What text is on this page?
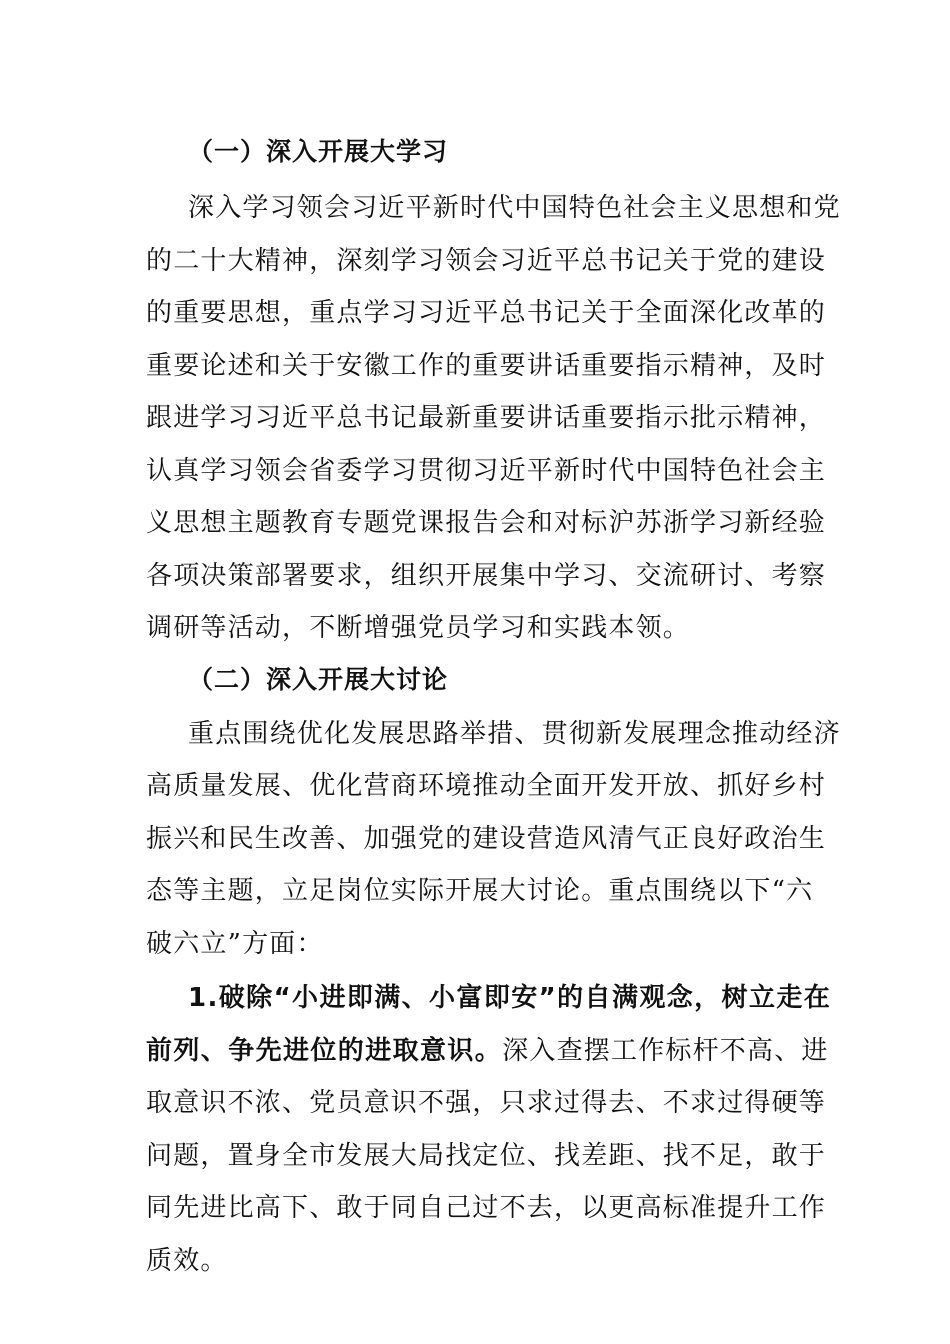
（一）深入开展大学习
深入学习领会习近平新时代中国特色社会主义思想和党
的二十大精神，深刻学习领会习近平总书记关于党的建设
的重要思想，重点学习习近平总书记关于全面深化改革的
重要论述和关于安徽工作的重要讲话重要指示精神，及时
跟进学习习近平总书记最新重要讲话重要指示批示精神，
认真学习领会省委学习贯彻习近平新时代中国特色社会主
义思想主题教育专题党课报告会和对标沪苏浙学习新经验
各项决策部署要求，组织开展集中学习、交流研讨、考察
调研等活动，不断增强党员学习和实践本领。
（二）深入开展大讨论
重点围绕优化发展思路举措、贯彻新发展理念推动经济
高质量发展、优化营商环境推动全面开发开放、抓好乡村
振兴和民生改善、加强党的建设营造风清气正良好政治生
态等主题，立足岗位实际开展大讨论。重点围绕以下“六
破六立”方面：
1.破除“小进即满、小富即安”的自满观念，树立走在
前列、争先进位的进取意识。深入查摆工作标杆不高、进
取意识不浓、党员意识不强，只求过得去、不求过得硬等
问题，置身全市发展大局找定位、找差距、找不足，敢于
同先进比高下、敢于同自己过不去，以更高标准提升工作
质效。
